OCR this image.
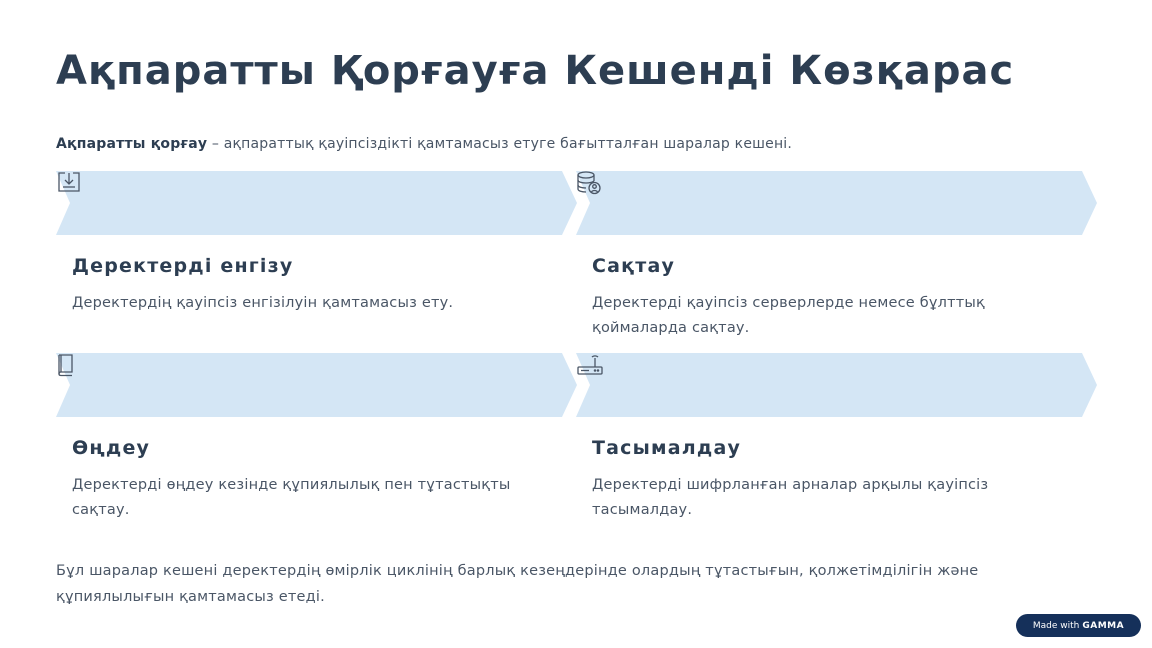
Ақпаратты Қорғауға Кешенді Көзқарас
Ақпаратты қорғау – ақпараттық қауіпсіздікті қамтамасыз етуге бағытталған шаралар кешені.
Деректерді енгізу

Деректердің қауіпсіз енгізілуін қамтамасыз ету.

Сақтау

Деректерді қауіпсіз серверлерде немесе бұлттық қоймаларда сақтау.

Өңдеу

Деректерді өңдеу кезінде құпиялылық пен тұтастықты сақтау.

Тасымалдау

Деректерді шифрланған арналар арқылы қауіпсіз тасымалдау.

Бұл шаралар кешені деректердің өмірлік циклінің барлық кезеңдерінде олардың тұтастығын, қолжетімділігін және құпиялылығын қамтамасыз етеді.

Made with GAMMA
